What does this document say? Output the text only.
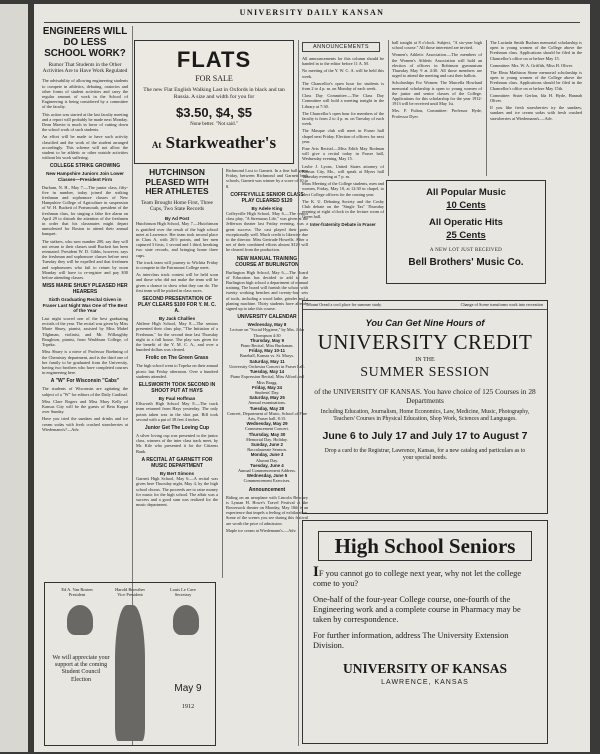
UNIVERSITY DAILY KANSAN
ENGINEERS WILL DO LESS SCHOOL WORK?
Rumor That Students in the Other Activities Are to Have Work Regulated

The advisability of allowing engineering students to compete in athletics, debating, oratorios and other forms of student activities and carry the regular amount of work in the School of Engineering is being considered by a committee of the faculty.

This action was started at the last faculty meeting and a report will probably be made next Monday. Dean Marvin is much in favor of cutting down the school work of such students.

An effort will be made to have such activity classified and the work of the student arranged accordingly. This scheme will not allow the student to be athletic or other outside activities without his work suffering.

COLLEGE STRIKE GROWING
New Hampshire Juniors Join Lower Classes—President Firm

Durham, N. H., May 7.—The junior class, fifty-five in number, today joined the striking freshman and sophomore classes of New Hampshire College of Agriculture in suspension of W. H. Buckett of Portsmouth, president of the freshman class, for singing a false fire alarm on April 29 to disturb the attention of the freshmen in order that his classmates might depart unmolested for Boston to attend their annual banquet.

The strikers, who now number 200, say they will not return to their classes until Buckett has been reinstated. President W. D. Gibbs, however, says the freshman and sophomore classes before next Tuesday they will be expelled and that freshmen and sophomores who fail to return by noon Monday will have to re-register and pay $30 before attending classes.

MISS MARIE SHUEY PLEASED HER HEARERS
Sixth Graduating Recital Given in Fraser Last Night Was One of The Best of the Year

Last night scored one of the best graduating recitals of the year. The recital was given by Miss Marie Shuey, pianist, assisted by Miss Mabel Tilghman, violinist, and Mr. Willoughby Boughton, pianist, from Washburn College, of Topeka.

Miss Shuey is a niece of Professor Boehning of the Chemistry department, and is the third one of her family to be graduated from the University, having two brothers who have completed courses in engineering here.

A "W" For Wisconsin "Cabs"

The students of Wisconsin are agitating the subject of a "W" for editors of the Daily Cardinal.

Miss Clare Rogers and Miss Mary Kelly of Kansas City will be the guests of Beta Kappa over Sunday.

Have you tried the sundaes and drinks and ice cream sodas with fresh crushed strawberries at Wiedemann's?—Adv.

FLATS
FOR SALE
The new Flat English Walking Last in Oxfords in black and tan Russia. A size and width for you for
$3.50, $4, $5
None better. "Not said."
At Starkweather's
HUTCHINSON PLEASED WITH HER ATHLETES
Team Brought Home First, Three Cups, Two State Records
By Ad Post

Hutchinson High School, May 7.—Hutchinson is gratified over the result of the high school meet at Lawrence. Her team took second place in Class A, with 26½ points, and her men captured 3 firsts, 1 second and 1 third, breaking two state records, and bringing home three cups.

The track team will journey to Wichita Friday to compete in the Fairmount College meet.

As interclass track contest will be held soon and those who did not make the team will be given a chance to show what they can do. The first team will be picked in class races.

SECOND PRESENTATION OF PLAY CLEARS $100 FOR Y. M. C. A.
By Jack Challies

Abilene High School, May 8.—The seniors presented their class play, "The Initiation of a Freshman," for the second time last Thursday night to a full house. The play was given for the benefit of the Y. M. C. A., and over a hundred dollars was cleared.

Frolic on The Green Grass

The high school went to Topeka on their annual picnic last Friday afternoon. Over a hundred students attended.

ELLSWORTH TOOK SECOND IN SHOOT PUT AT HAYS
By Paul Hoffman

Ellsworth High School May 8.—The track team returned from Hays yesterday. The only points taken was in the shot put. Bill took second with a put of 38 feet 4 inches.

Junior Get The Loving Cup

A silver loving cup was presented to the junior class, winners of the inter class track meet, by Mr. Kile who presented it for the Citizens Bank.

A RECITAL AT GARNETT FOR MUSIC DEPARTMENT
By Bert Simons

Garnett High School, May 6.—A recital was given here Thursday night, May 4, by the high school chorus. The proceeds are to raise money for music for the high school. The affair was a success and a good sum was realized for the music department.

Richmond Lost to Garnett. In a fine ball game Friday, between Richmond and Garnett high schools, Garnett was winner by a score of 10 to 8.

COFFEYVILLE SENIOR CLASS PLAY CLEARED $120
By Adele King

Coffeyville High School, May 6.—The senior class play, "A Strenuous Life," was given at the Jefferson theater last Friday evening, was a great success. The cast played their parts exceptionally well. Much credit is likewise due to the director. Miss Gertrude Howells. After a net of their combined efforts almost $120 will be cleared from the production.

NEW MANUAL TRAINING COURSE AT BURLINGTON

Burlington High School, May 6.—The Board of Education has decided to add to the Burlington high school a department of manual training. The board will furnish the school with twenty working benches and twenty-four sets of tools, including a wood lathe, grinder and a planing machine. Thirty students have already signed up to take this course.

UNIVERSITY CALENDAR
Wednesday, May 8
Lecture on "Social Hygiene," by Mrs. John Thompson 4:30
Thursday, May 9
Piano Recital, Miss Buchanan.
Friday, May 10-11
Baseball, Kansas vs. St. Marys.
Saturday, May 11
University Orchestra Concert in Fraser hall.
Tuesday, May 14
Piano Expression Recital, Miss Alford and Miss Bragg.
Friday, May 24
Students' Day.
Saturday, May 25
Annual examinations.
Tuesday, May 28
Concert, Department of Music, School of Fine Arts, Fraser hall, 8:15.
Wednesday, May 29
Commencement Concert.
Thursday, May 30
Memorial Day. Holiday.
Sunday, June 2
Baccalaureate Sermon.
Monday, June 3
Alumni Day.
Tuesday, June 4
Annual Commencement Address.
Wednesday, June 5
Commencement Exercises.
Announcement

Riding on an aeroplane with Lincoln Beachey is Lyman H. Howe's Travel Festival at the Bowersock theater on Monday, May 10th is an experience that impels a feeling of exhilaration. Some of the scenes you see during this festival are worth the price of admission.

Maple ice cream at Wiedemann's.—Adv.

ANNOUNCEMENTS

All announcements for this column should be handed in to the editor before 11 A. M.

No meeting of the Y. W. C. A. will be held this week.

The Chancellor's open hour for students is from 2 to 4 p. m. on Monday of each week.

Class Day Committee.—The Class Day Committee will hold a meeting tonight in the Library at 7:30.

The Chancellor's open hour for members of the faculty is from 2 to 4 p. m. on Tuesday of each week.

The Masque club will meet in Fraser hall chapel next Friday. Election of officers for next year.

Fine Arts Recital.—Miss Edith May Rodman will give a recital today in Fraser hall, Wednesday evening, May 15.

Leslie J. Lyons, United States attorney of Kansas City, Mo., will speak at Myers hall Thursday evening at 7 p. m.

Mass Meeting of the College students, men and women, Friday, May 10, at 12:30 in chapel, to elect College officers for the coming year.

The K. U. Debating Society and the Cosby Club debate on the "Single Tax" Thursday evening at eight o'clock in the lecture room of Green hall.

Inter-fraternity Debate in Fraser

ball tonight at 8 o'clock. Subject, "A six-year high school course." All those interested are invited.

Women's Athletic Association.—The members of the Women's Athletic Association will hold an election of officers in Robinson gymnasium Thursday May 9 at 4:30. All those members are urged to attend the meeting and cast their ballots.

Scholarships For Women: The Marcella Howland memorial scholarship is open to young women of the junior and senior classes of the College. Applications for this scholarship for the year 1912-1913 will be received until May 1st.

Mrs. F. Fulton, Committee: Professor Hyde, Professor Dyer.

The Lucinda Smith Buchan memorial scholarship is open to young women of the College above the Freshman class. Applications should be filed in the Chancellor's office on or before May 15.

Committee: Mrs. W. A. Griffith, Miss H. Oliver.

The Elma Mathison Stone memorial scholarship is open to young women of the College above the Freshman class. Applications should be filed in the Chancellor's office on or before May 15th.

Committee: Sister Gerlon, Ida H. Hyde, Hannah Oliver.

If you like fresh strawberries try the sundaes, sundaes and ice cream sodas with fresh crushed strawberries at Wiedemann's.—Adv.

All Popular Music
10 Cents
All Operatic Hits
25 Cents
A NEW LOT JUST RECEIVED
Bell Brothers' Music Co.
Mount Oread a cool place for summer study.	Change of Scene transforms work into recreation
You Can Get Nine Hours of
UNIVERSITY CREDIT
IN THE
SUMMER SESSION
of the UNIVERSITY OF KANSAS. You have choice of 125 Courses in 28 Departments
Including Education, Journalism, Home Economics, Law, Medicine, Music, Photography, Teachers' Courses in Physical Education, Shop Work, Sciences and Languages.
June 6 to July 17 and July 17 to August 7
Drop a card to the Registrar, Lawrence, Kansas, for a new catalog and particulars as to your special needs.
High School Seniors
IF you cannot go to college next year, why not let the college come to you?
One-half of the four-year College course, one-fourth of the Engineering work and a complete course in Pharmacy may be taken by correspondence.
For further information, address The University Extension Division.
UNIVERSITY OF KANSAS
LAWRENCE, KANSAS
Ed A. Van Rosten
President
Harold Browther
Vice President
Louis Le Cave
Secretary
We will appreciate your support at the coming Student Council Election
May 9
1912
